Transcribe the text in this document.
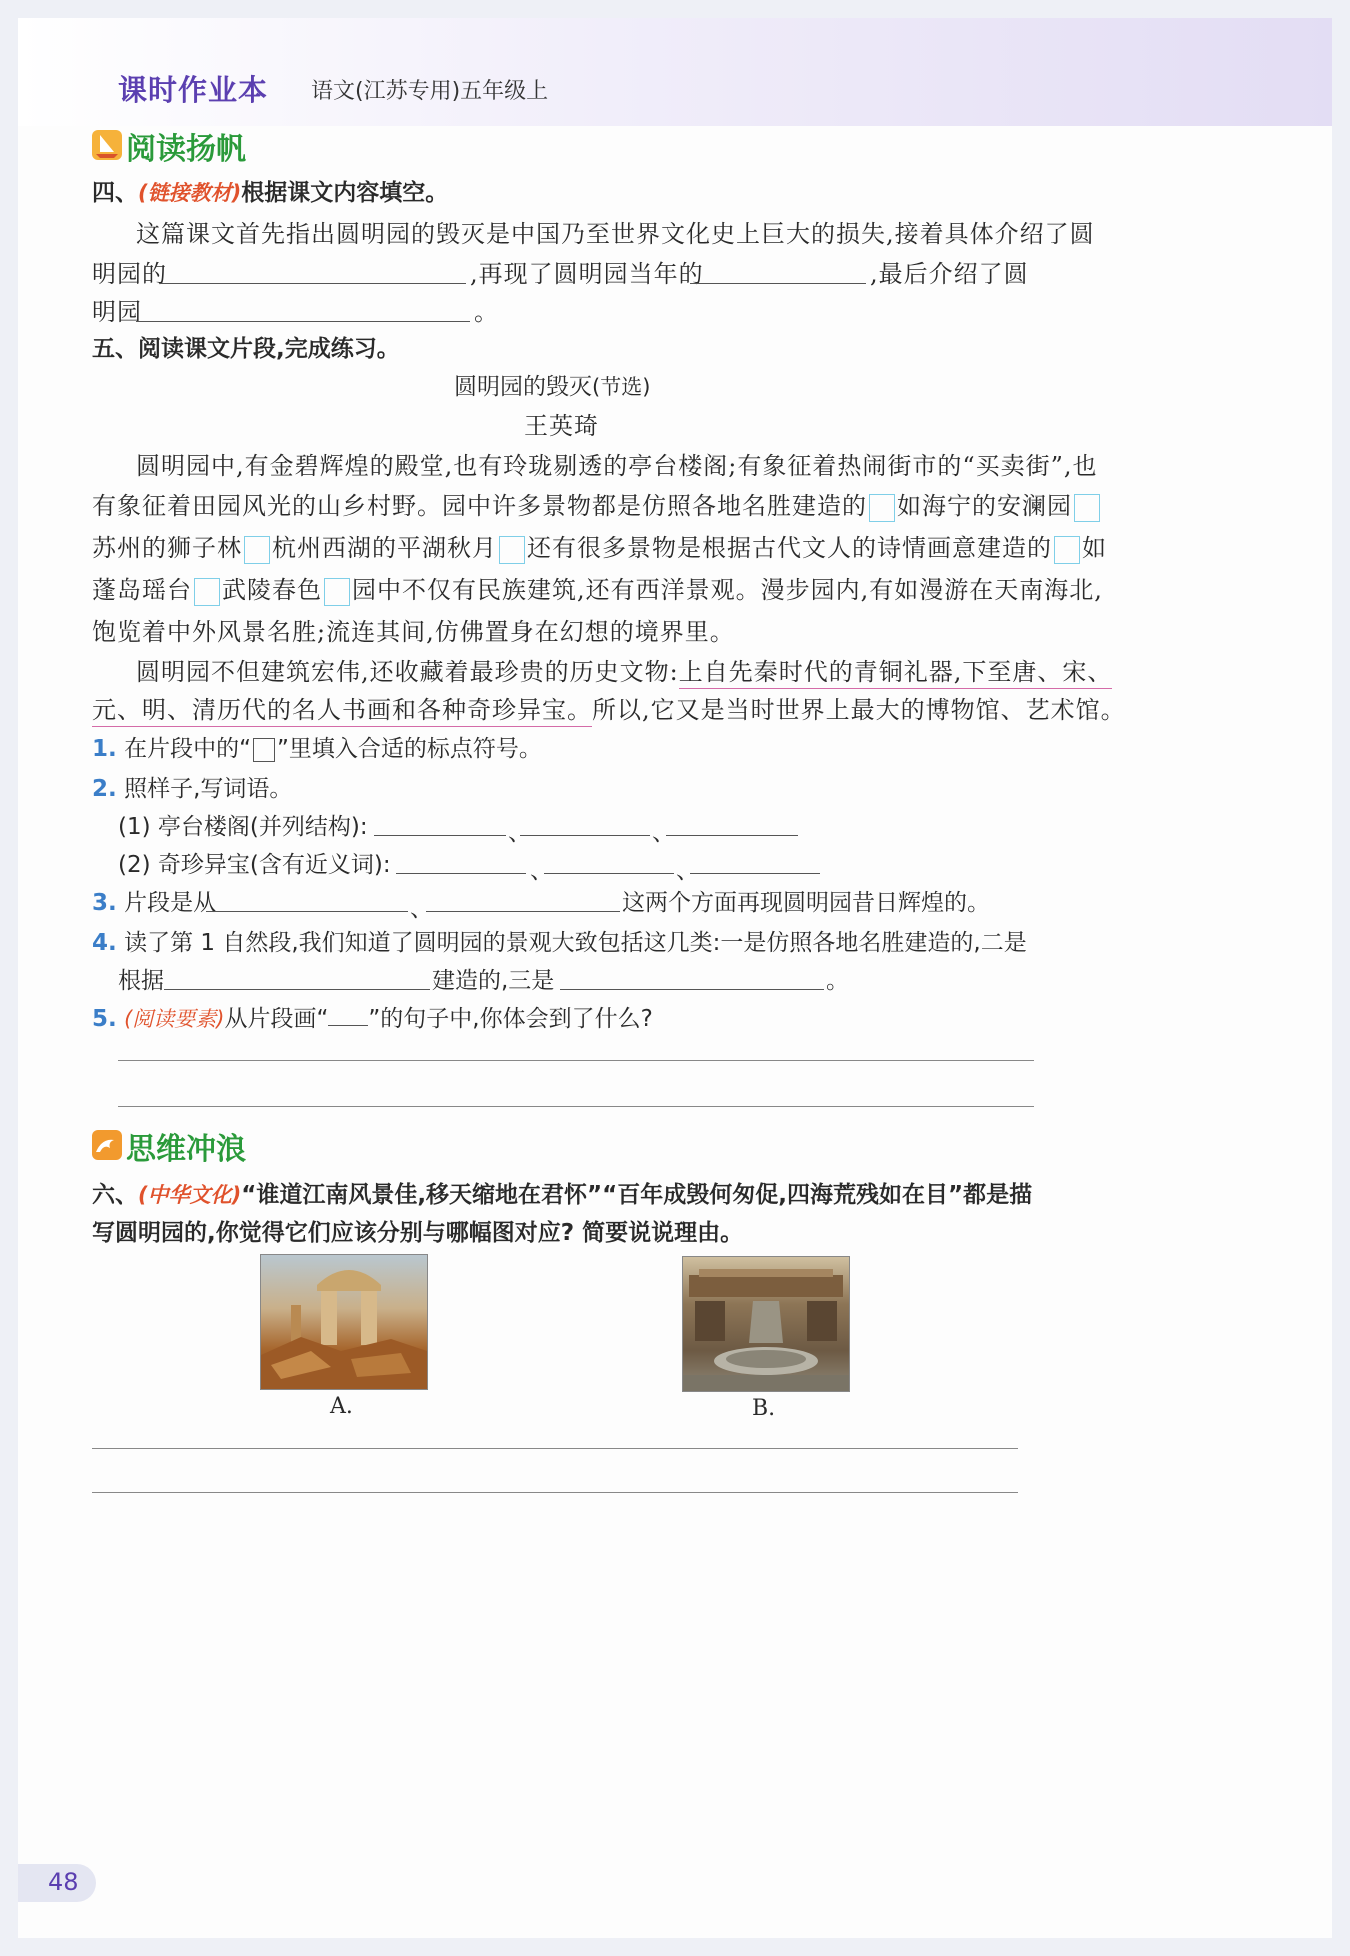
课时作业本 语文(江苏专用)五年级上
阅读扬帆
四、(链接教材)根据课文内容填空。
这篇课文首先指出圆明园的毁灭是中国乃至世界文化史上巨大的损失,接着具体介绍了圆
明园的	,再现了圆明园当年的	,最后介绍了圆
明园	。
五、阅读课文片段,完成练习。
圆明园的毁灭(节选)
王英琦
圆明园中,有金碧辉煌的殿堂,也有玲珑剔透的亭台楼阁;有象征着热闹街市的“买卖街”,也
有象征着田园风光的山乡村野。园中许多景物都是仿照各地名胜建造的 如海宁的安澜园
苏州的狮子林 杭州西湖的平湖秋月 还有很多景物是根据古代文人的诗情画意建造的 如
蓬岛瑶台 武陵春色 园中不仅有民族建筑,还有西洋景观。漫步园内,有如漫游在天南海北,
饱览着中外风景名胜;流连其间,仿佛置身在幻想的境界里。
圆明园不但建筑宏伟,还收藏着最珍贵的历史文物:上自先秦时代的青铜礼器,下至唐、宋、
元、明、清历代的名人书画和各种奇珍异宝。所以,它又是当时世界上最大的博物馆、艺术馆。
1. 在片段中的“ ”里填入合适的标点符号。
2. 照样子,写词语。
(1) 亭台楼阁(并列结构):	、	、
(2) 奇珍异宝(含有近义词):	、	、
3. 片段是从	、	这两个方面再现圆明园昔日辉煌的。
4. 读了第 1 自然段,我们知道了圆明园的景观大致包括这几类:一是仿照各地名胜建造的,二是
根据	建造的,三是	。
5. (阅读要素)从片段画“ ”的句子中,你体会到了什么?
思维冲浪
六、(中华文化)“谁道江南风景佳,移天缩地在君怀”“百年成毁何匆促,四海荒残如在目”都是描
写圆明园的,你觉得它们应该分别与哪幅图对应? 简要说说理由。
A.	B.
48
